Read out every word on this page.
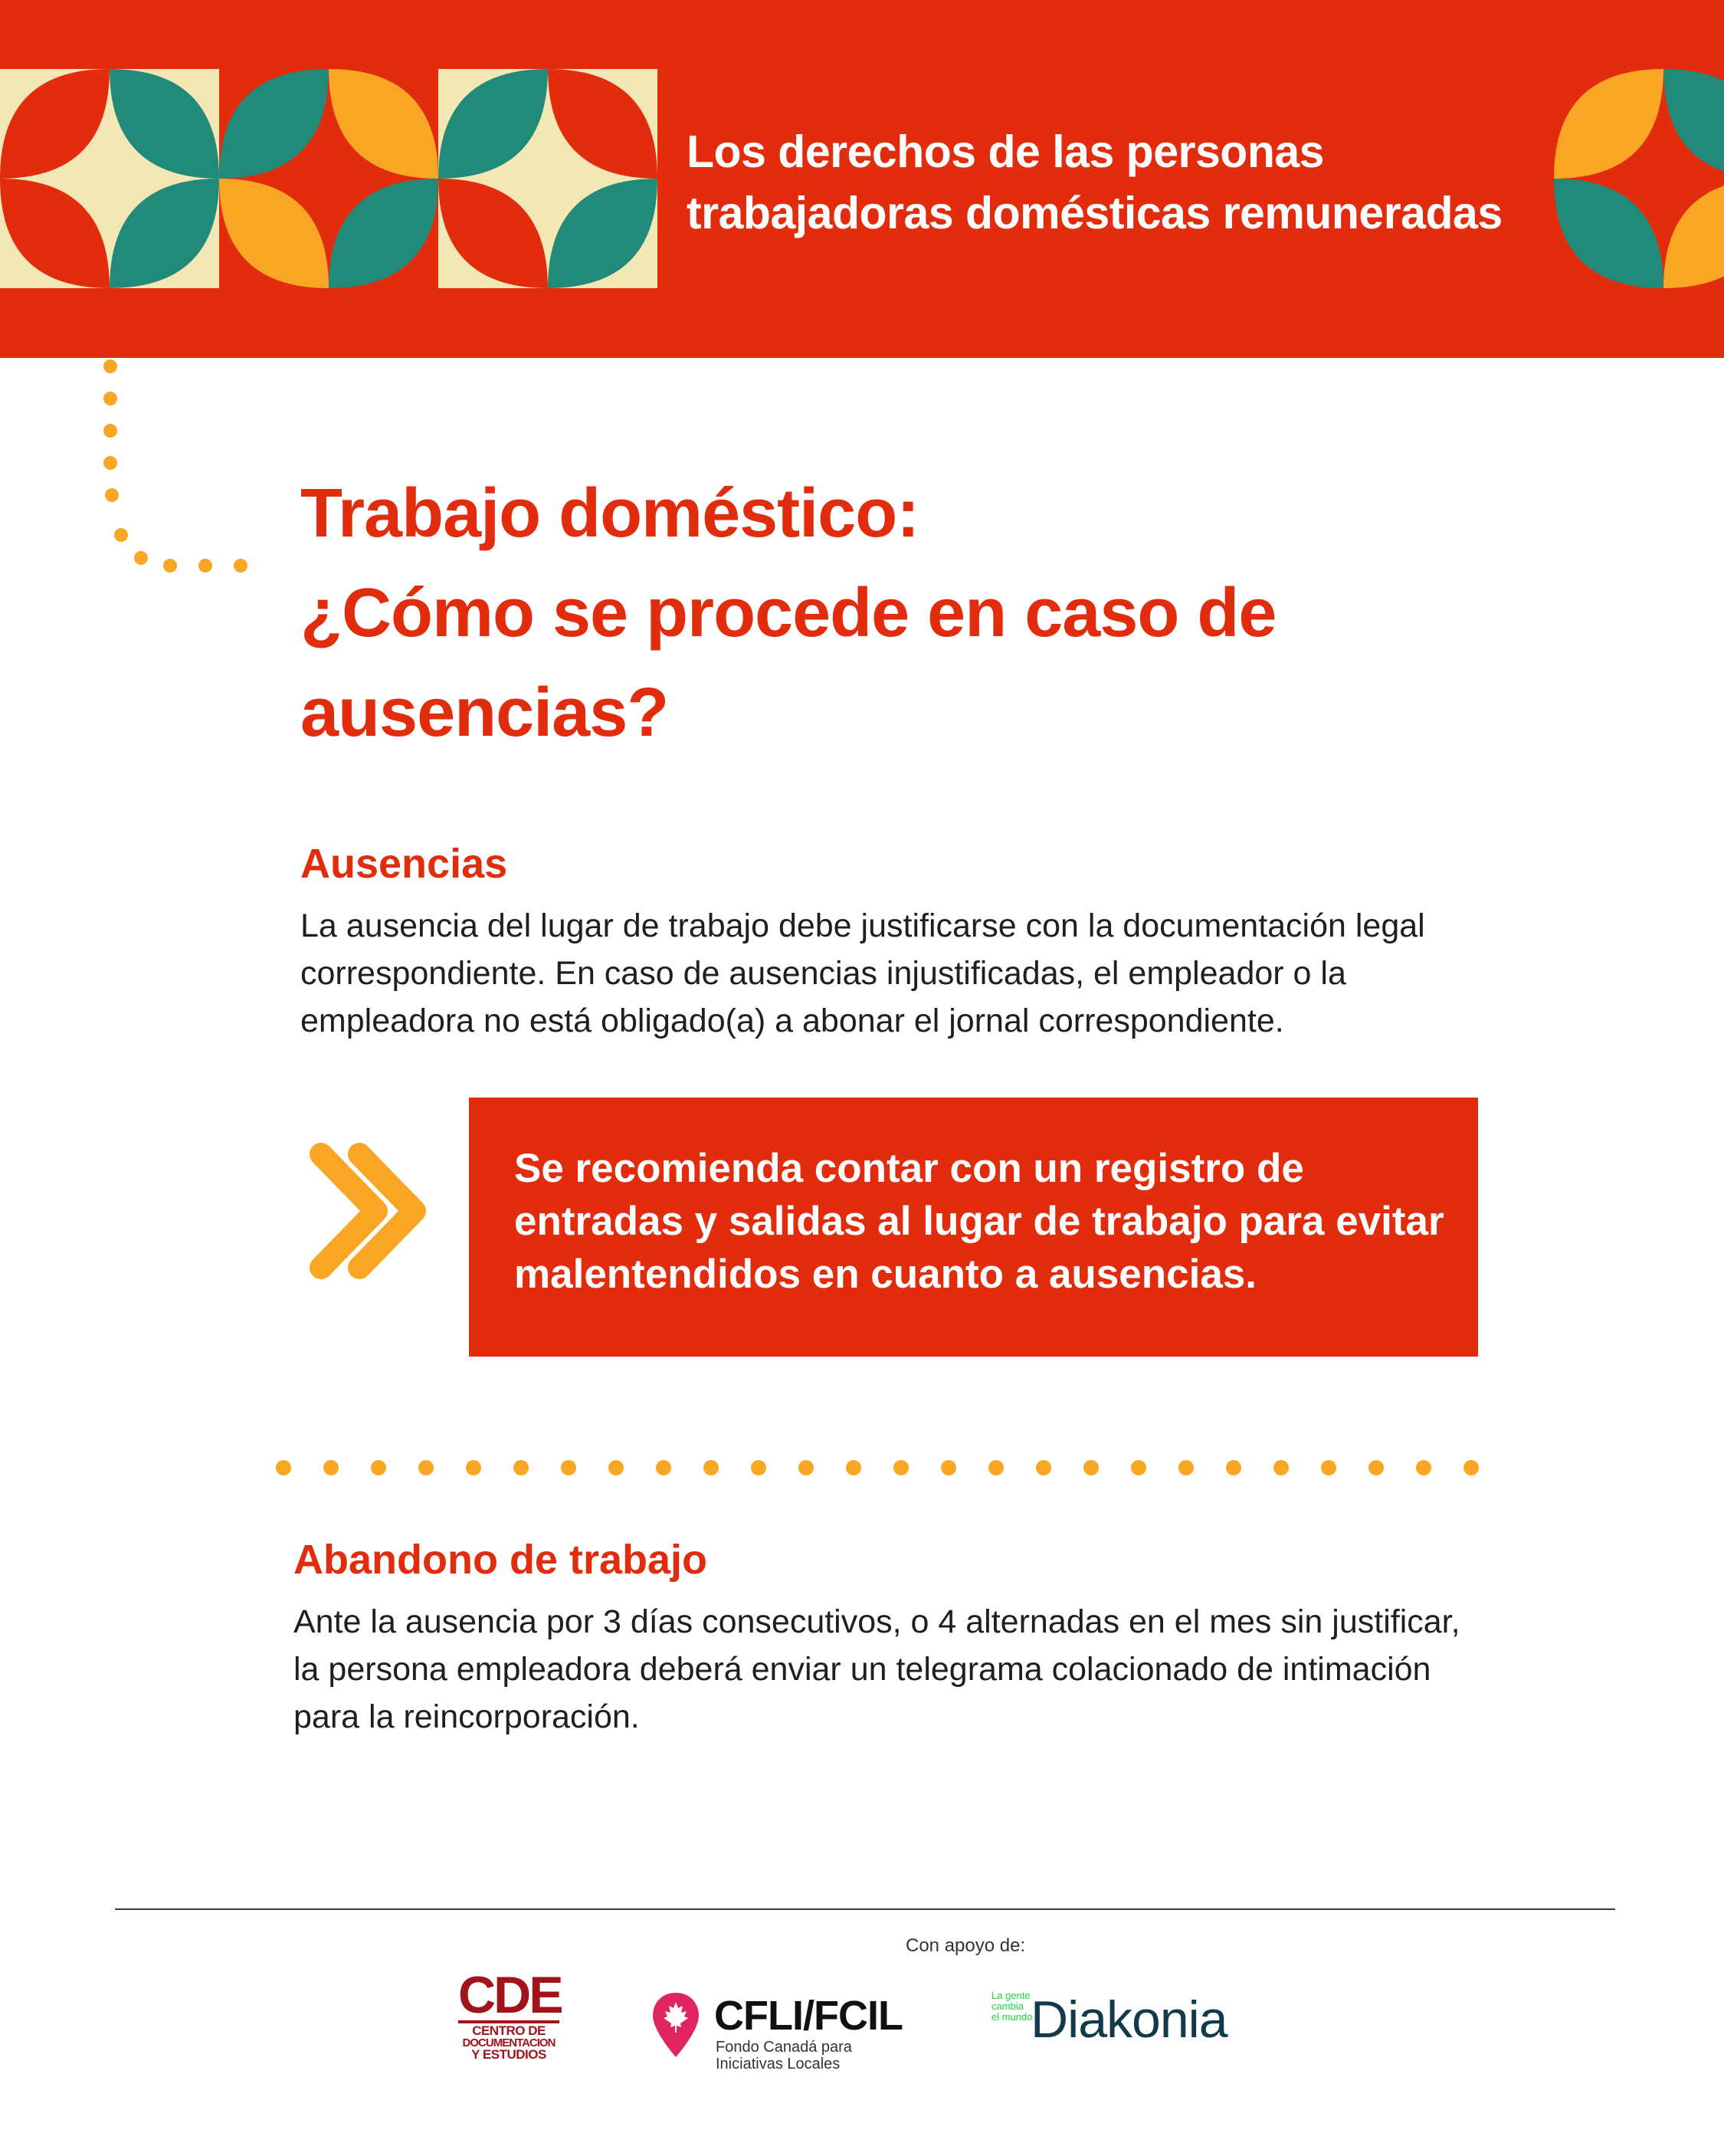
Los derechos de las personas
trabajadoras domésticas remuneradas
Trabajo doméstico:
¿Cómo se procede en caso de
ausencias?
Ausencias
La ausencia del lugar de trabajo debe justificarse con la documentación legal correspondiente. En caso de ausencias injustificadas, el empleador o la empleadora no está obligado(a) a abonar el jornal correspondiente.
Se recomienda contar con un registro de entradas y salidas al lugar de trabajo para evitar malentendidos en cuanto a ausencias.
Abandono de trabajo
Ante la ausencia por 3 días consecutivos, o 4 alternadas en el mes sin justificar, la persona empleadora deberá enviar un telegrama colacionado de intimación para la reincorporación.
Con apoyo de:
CDE
CENTRO DE
DOCUMENTACION
Y ESTUDIOS
CFLI/FCIL
Fondo Canadá para
Iniciativas Locales
La gente
cambia
el mundo
Diakonia
